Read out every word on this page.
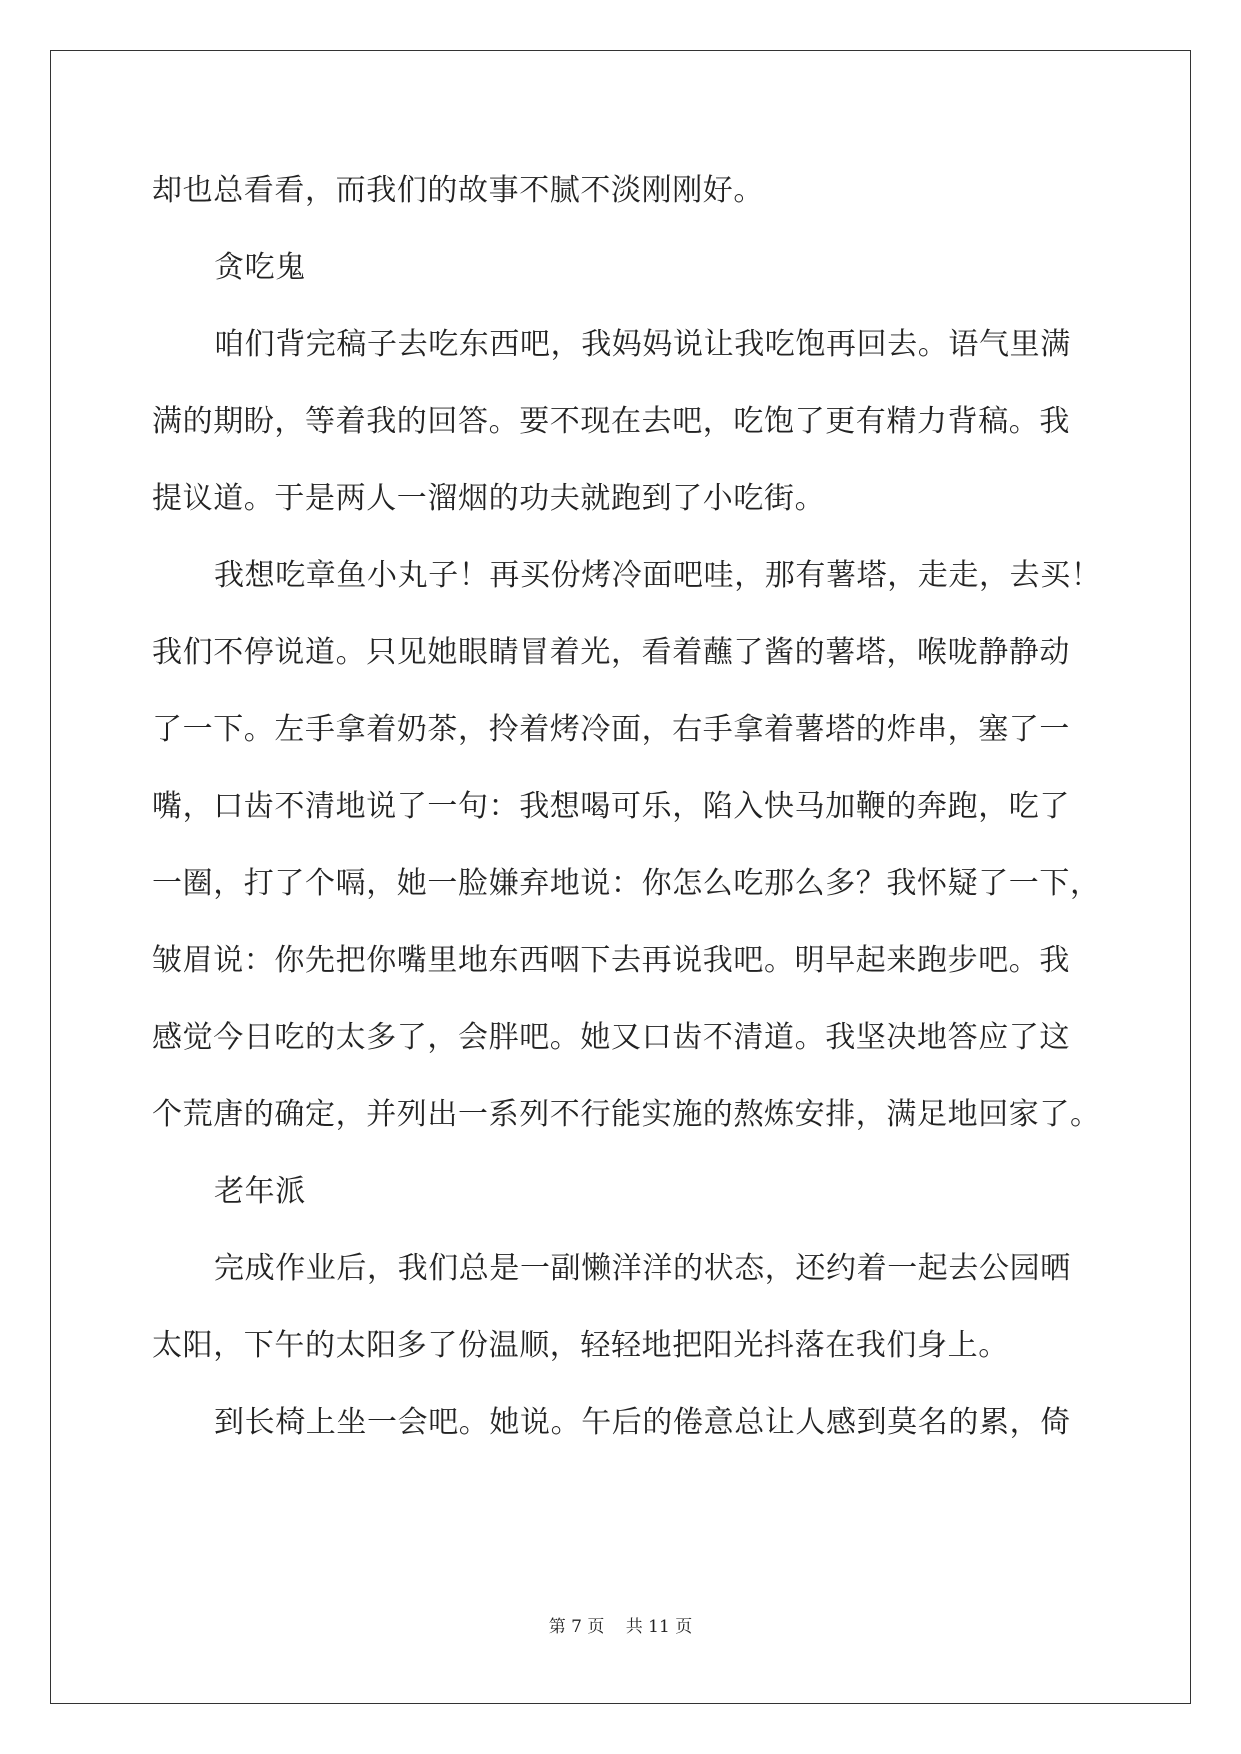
却也总看看，而我们的故事不腻不淡刚刚好。

贪吃鬼

咱们背完稿子去吃东西吧，我妈妈说让我吃饱再回去。语气里满

满的期盼，等着我的回答。要不现在去吧，吃饱了更有精力背稿。我

提议道。于是两人一溜烟的功夫就跑到了小吃街。

我想吃章鱼小丸子！再买份烤冷面吧哇，那有薯塔，走走，去买！

我们不停说道。只见她眼睛冒着光，看着蘸了酱的薯塔，喉咙静静动

了一下。左手拿着奶茶，拎着烤冷面，右手拿着薯塔的炸串，塞了一

嘴，口齿不清地说了一句：我想喝可乐，陷入快马加鞭的奔跑，吃了

一圈，打了个嗝，她一脸嫌弃地说：你怎么吃那么多？我怀疑了一下，

皱眉说：你先把你嘴里地东西咽下去再说我吧。明早起来跑步吧。我

感觉今日吃的太多了，会胖吧。她又口齿不清道。我坚决地答应了这

个荒唐的确定，并列出一系列不行能实施的熬炼安排，满足地回家了。

老年派

完成作业后，我们总是一副懒洋洋的状态，还约着一起去公园晒

太阳，下午的太阳多了份温顺，轻轻地把阳光抖落在我们身上。

到长椅上坐一会吧。她说。午后的倦意总让人感到莫名的累，倚

第 7 页 共 11 页
